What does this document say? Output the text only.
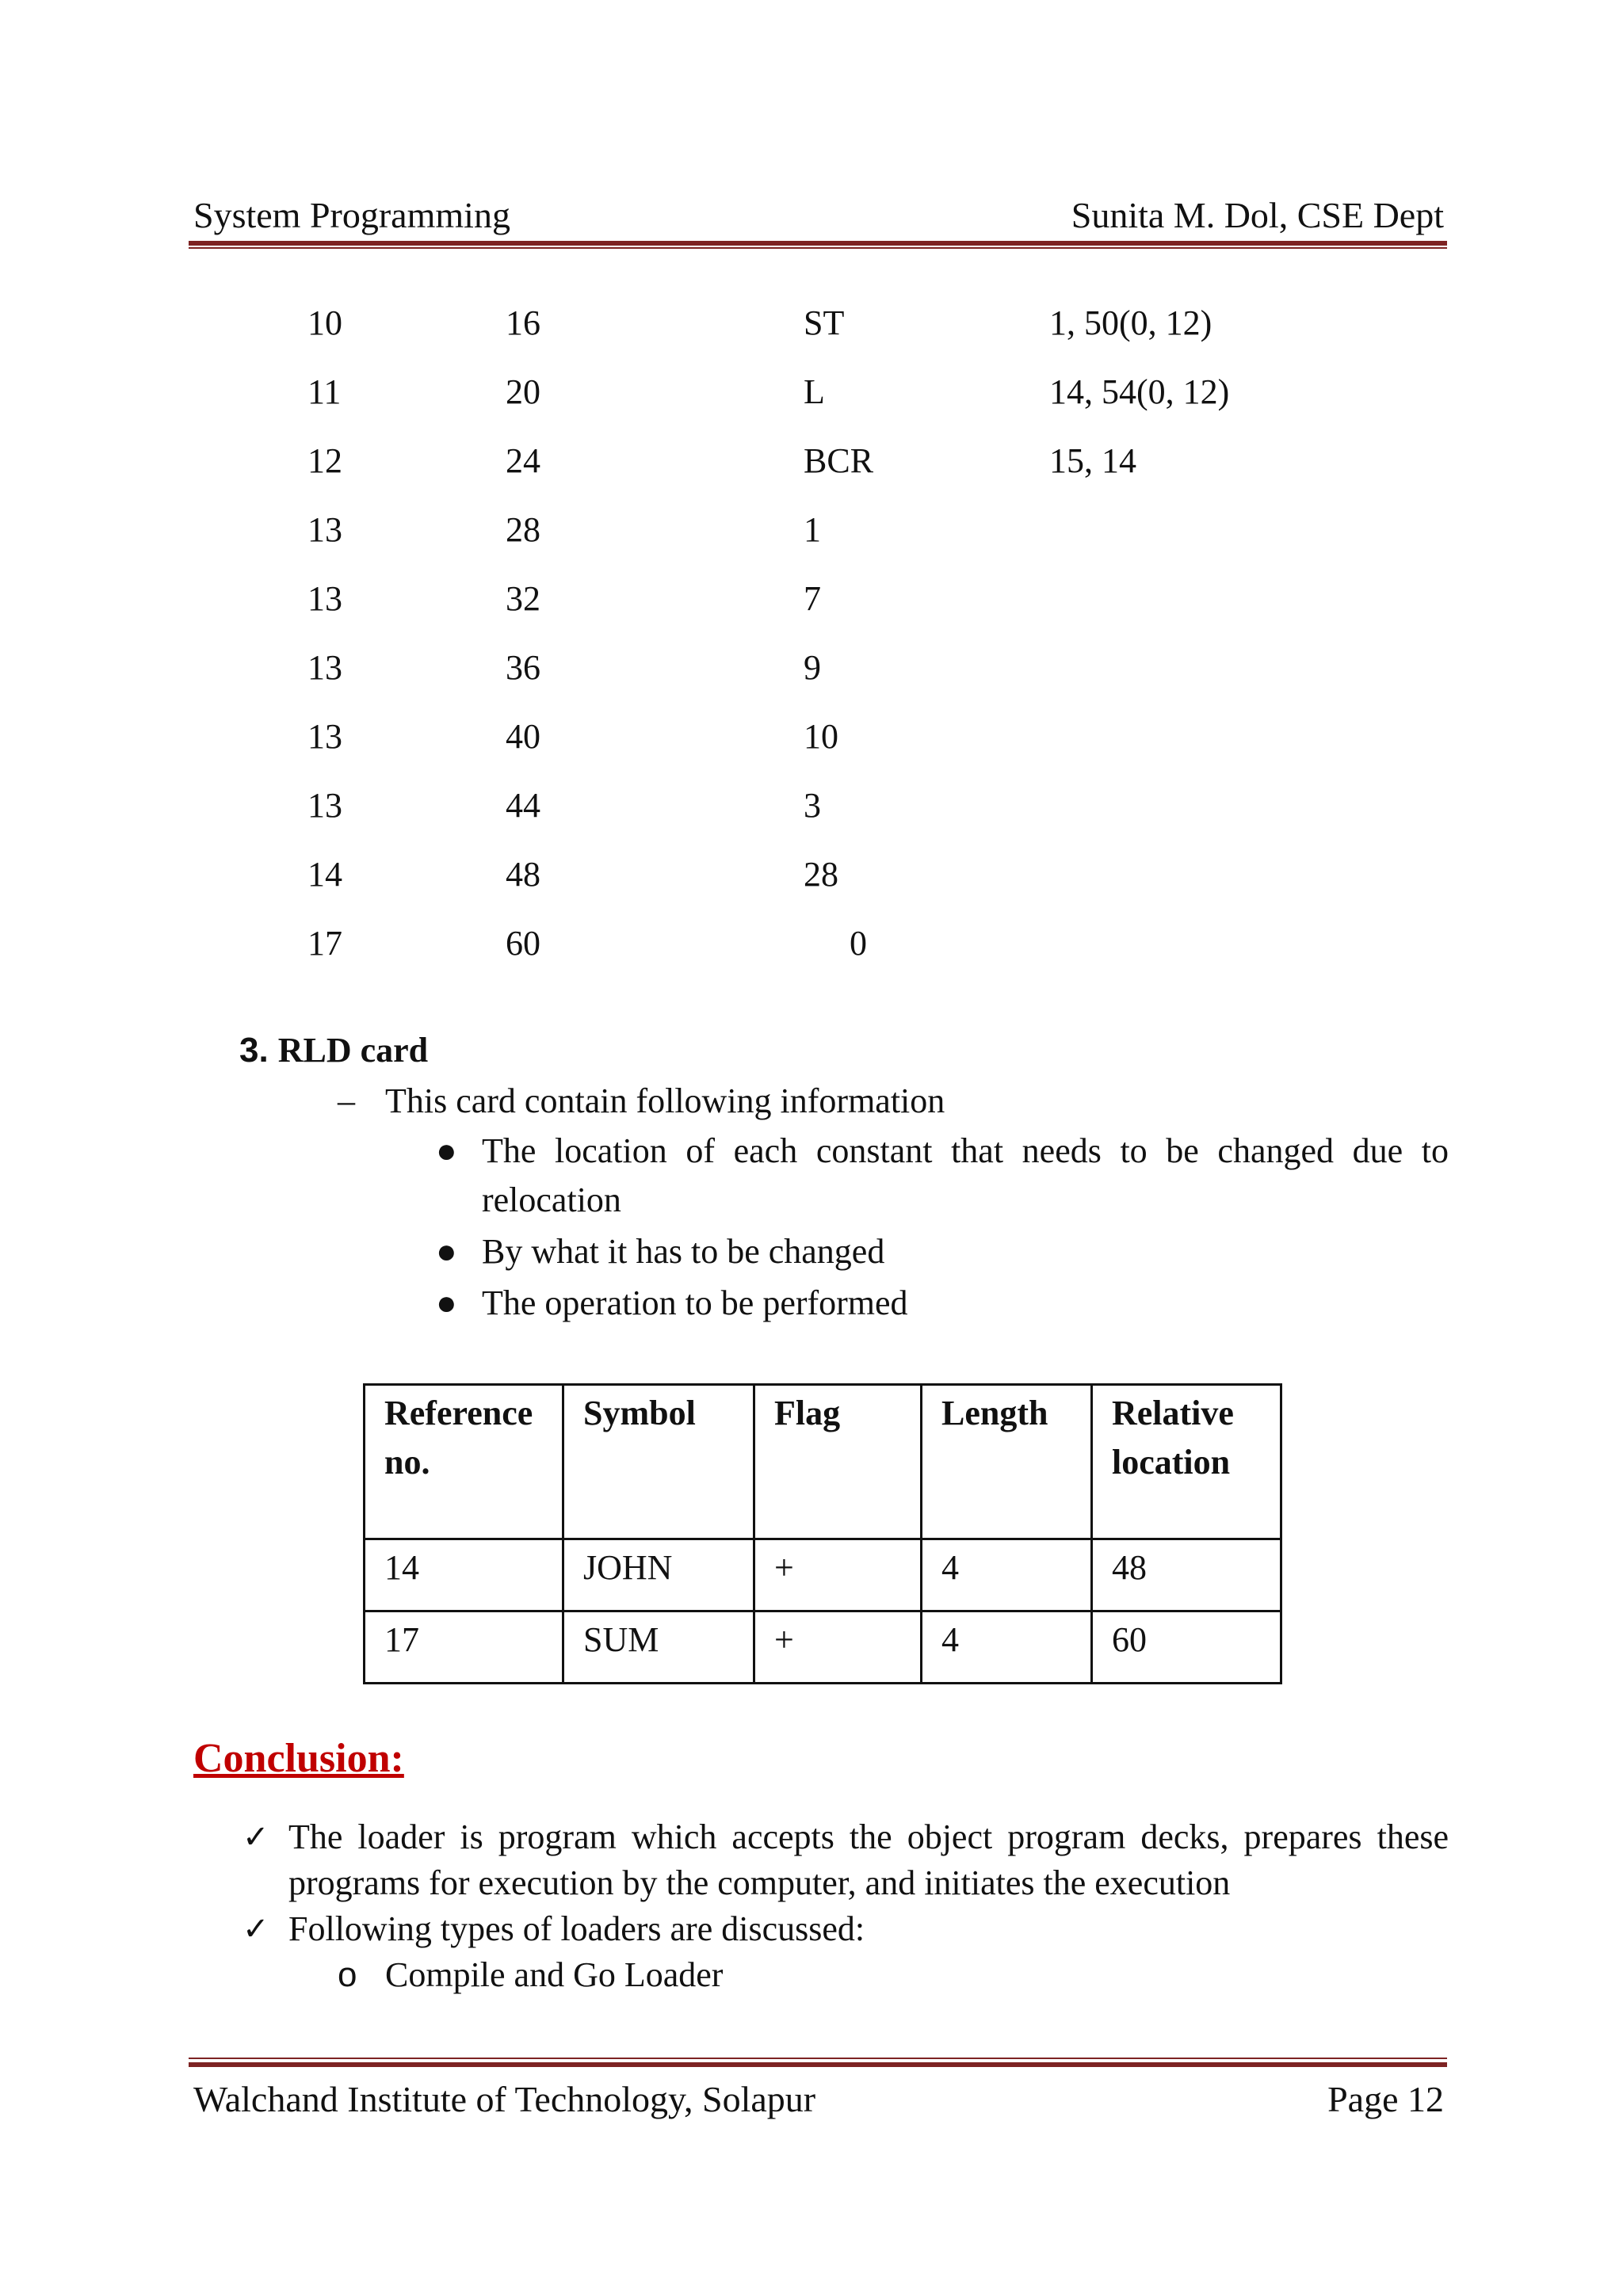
System Programming	Sunita M. Dol, CSE Dept
10	16	ST	1, 50(0, 12)
11	20	L	14, 54(0, 12)
12	24	BCR	15, 14
13	28	1
13	32	7
13	36	9
13	40	10
13	44	3
14	48	28
17	60	0
3. RLD card
– This card contain following information
● The location of each constant that needs to be changed due to relocation
● By what it has to be changed
● The operation to be performed
Reference no.	Symbol	Flag	Length	Relative location
14	JOHN	+	4	48
17	SUM	+	4	60
Conclusion:
✓ The loader is program which accepts the object program decks, prepares these programs for execution by the computer, and initiates the execution
✓ Following types of loaders are discussed:
o Compile and Go Loader
Walchand Institute of Technology, Solapur	Page 12
